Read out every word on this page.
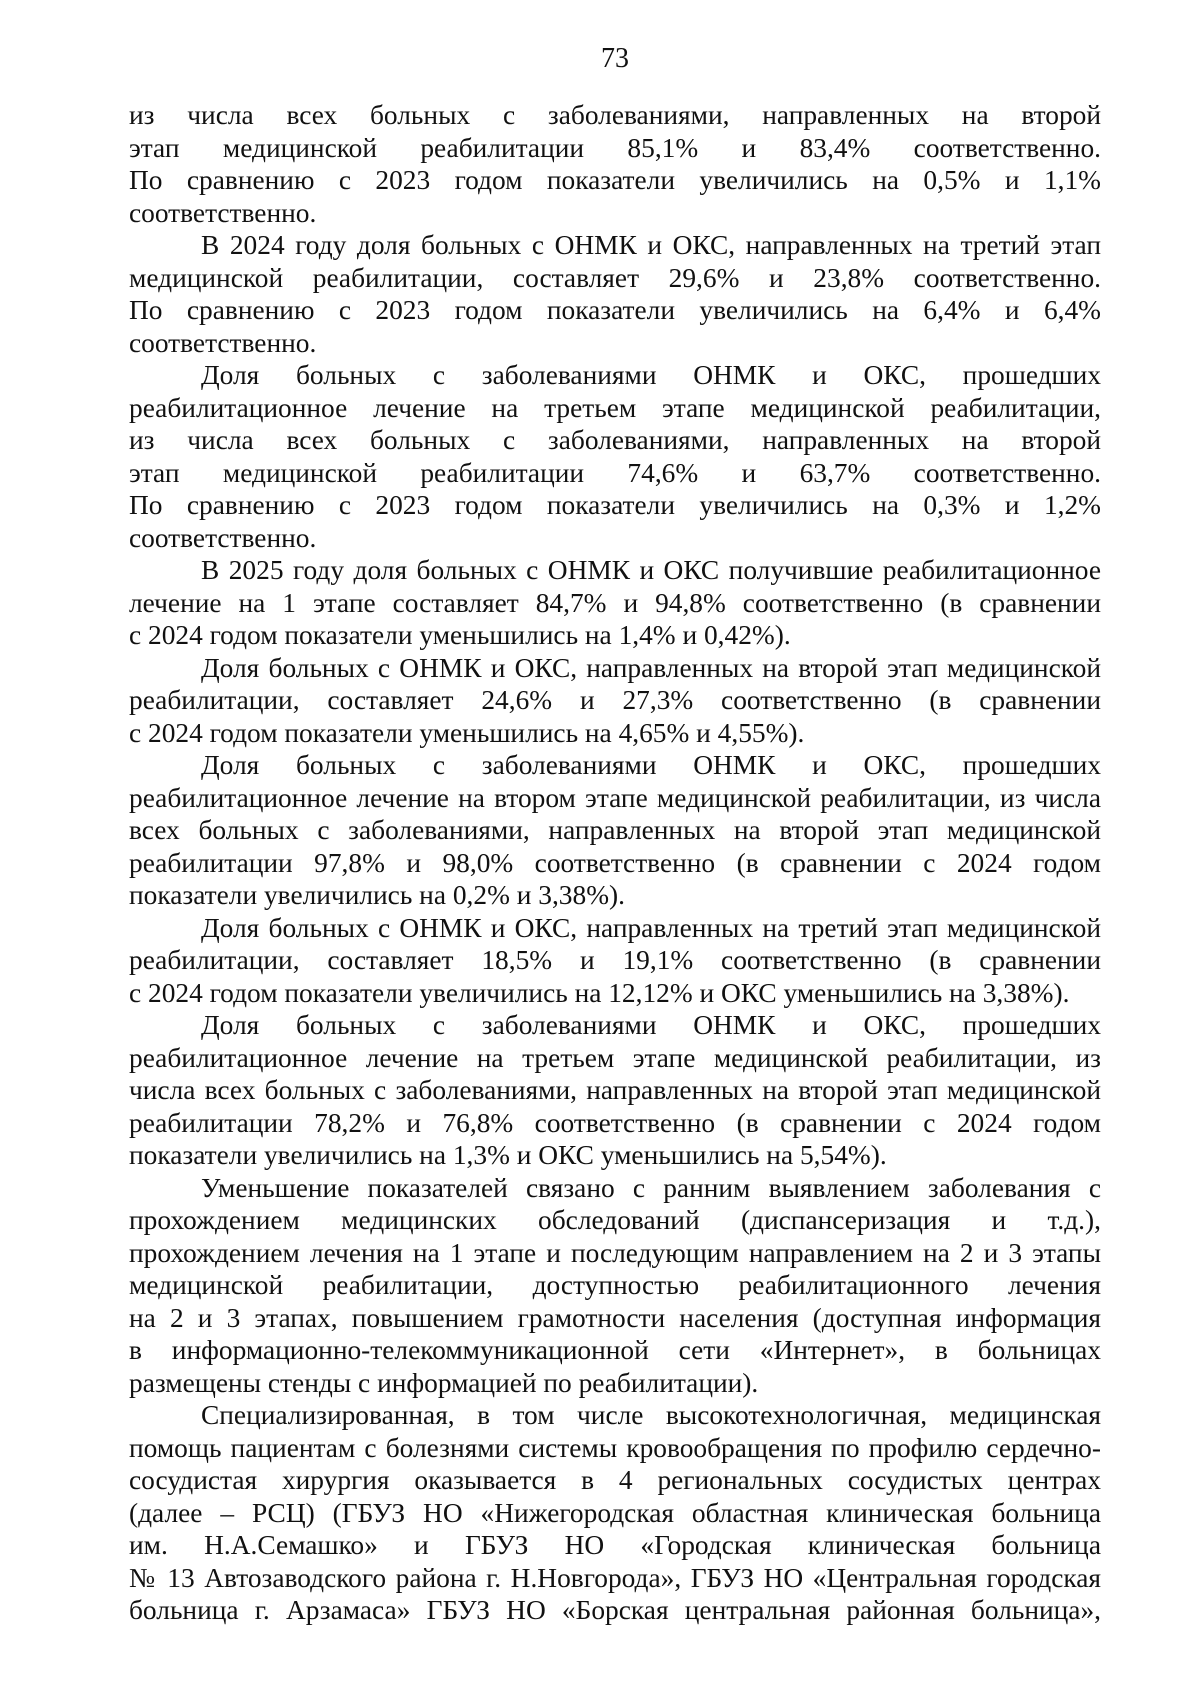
73

из числа всех больных с заболеваниями, направленных на второй
этап медицинской реабилитации 85,1% и 83,4% соответственно.
По сравнению с 2023 годом показатели увеличились на 0,5% и 1,1%
соответственно.

В 2024 году доля больных с ОНМК и ОКС, направленных на третий этап
медицинской реабилитации, составляет 29,6% и 23,8% соответственно.
По сравнению с 2023 годом показатели увеличились на 6,4% и 6,4%
соответственно.

Доля больных с заболеваниями ОНМК и ОКС, прошедших
реабилитационное лечение на третьем этапе медицинской реабилитации,
из числа всех больных с заболеваниями, направленных на второй
этап медицинской реабилитации 74,6% и 63,7% соответственно.
По сравнению с 2023 годом показатели увеличились на 0,3% и 1,2%
соответственно.

В 2025 году доля больных с ОНМК и ОКС получившие реабилитационное
лечение на 1 этапе составляет 84,7% и 94,8% соответственно (в сравнении
с 2024 годом показатели уменьшились на 1,4% и 0,42%).

Доля больных с ОНМК и ОКС, направленных на второй этап медицинской
реабилитации, составляет 24,6% и 27,3% соответственно (в сравнении
с 2024 годом показатели уменьшились на 4,65% и 4,55%).

Доля больных с заболеваниями ОНМК и ОКС, прошедших
реабилитационное лечение на втором этапе медицинской реабилитации, из числа
всех больных с заболеваниями, направленных на второй этап медицинской
реабилитации 97,8% и 98,0% соответственно (в сравнении с 2024 годом
показатели увеличились на 0,2% и 3,38%).

Доля больных с ОНМК и ОКС, направленных на третий этап медицинской
реабилитации, составляет 18,5% и 19,1% соответственно (в сравнении
с 2024 годом показатели увеличились на 12,12% и ОКС уменьшились на 3,38%).

Доля больных с заболеваниями ОНМК и ОКС, прошедших
реабилитационное лечение на третьем этапе медицинской реабилитации, из
числа всех больных с заболеваниями, направленных на второй этап медицинской
реабилитации 78,2% и 76,8% соответственно (в сравнении с 2024 годом
показатели увеличились на 1,3% и ОКС уменьшились на 5,54%).

Уменьшение показателей связано с ранним выявлением заболевания с
прохождением медицинских обследований (диспансеризация и т.д.),
прохождением лечения на 1 этапе и последующим направлением на 2 и 3 этапы
медицинской реабилитации, доступностью реабилитационного лечения
на 2 и 3 этапах, повышением грамотности населения (доступная информация
в информационно-телекоммуникационной сети «Интернет», в больницах
размещены стенды с информацией по реабилитации).

Специализированная, в том числе высокотехнологичная, медицинская
помощь пациентам с болезнями системы кровообращения по профилю сердечно-
сосудистая хирургия оказывается в 4 региональных сосудистых центрах
(далее – РСЦ) (ГБУЗ НО «Нижегородская областная клиническая больница
им. Н.А.Семашко» и ГБУЗ НО «Городская клиническая больница
№ 13 Автозаводского района г. Н.Новгорода», ГБУЗ НО «Центральная городская
больница г. Арзамаса» ГБУЗ НО «Борская центральная районная больница»,
